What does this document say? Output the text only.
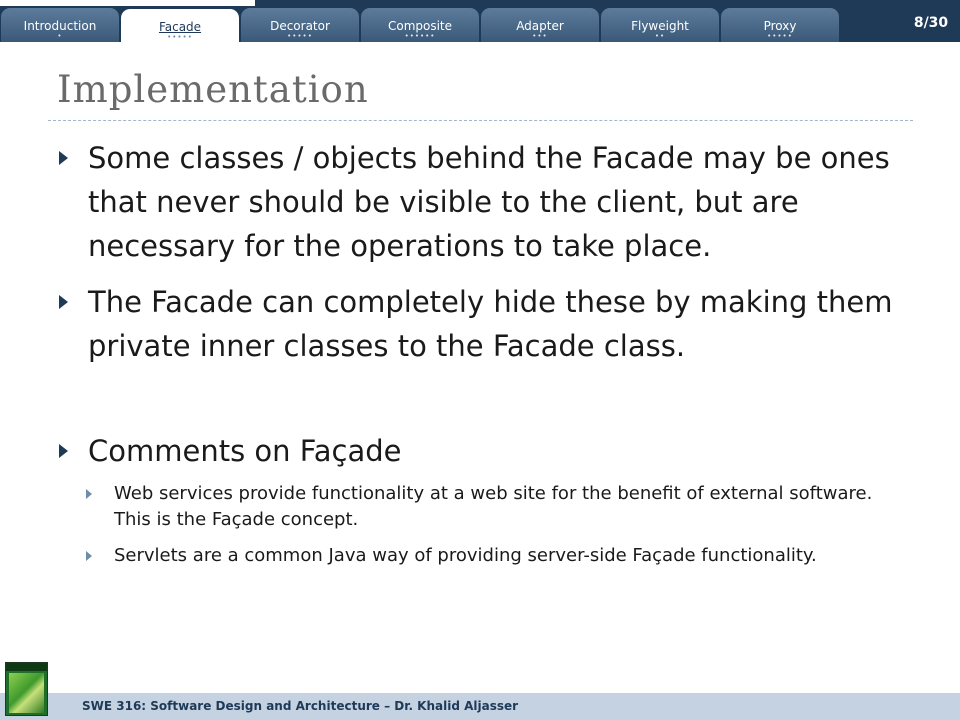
Introduction
•
Facade
•••••
Decorator
•••••
Composite
••••••
Adapter
•••
Flyweight
••
Proxy
•••••
8/30
Implementation
Some classes / objects behind the Facade may be ones that never should be visible to the client, but are necessary for the operations to take place.
The Facade can completely hide these by making them private inner classes to the Facade class.
Comments on Façade
Web services provide functionality at a web site for the benefit of external software. This is the Façade concept.
Servlets are a common Java way of providing server-side Façade functionality.
SWE 316: Software Design and Architecture – Dr. Khalid Aljasser
